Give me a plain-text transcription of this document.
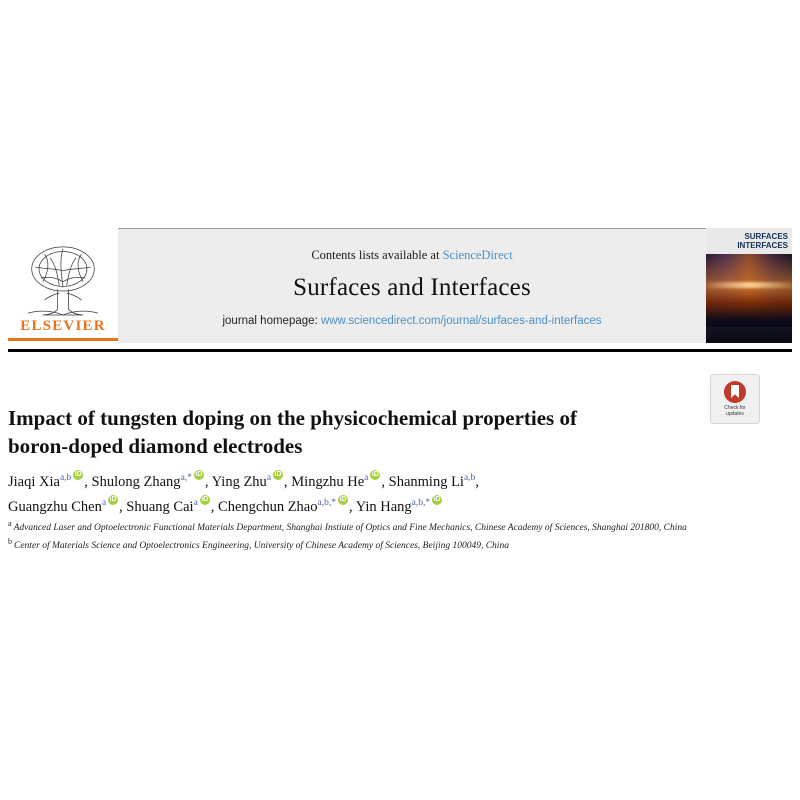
ELSEVIER
Contents lists available at ScienceDirect
Surfaces and Interfaces
journal homepage: www.sciencedirect.com/journal/surfaces-and-interfaces
SURFACES
INTERFACES
Impact of tungsten doping on the physicochemical properties of boron-doped diamond electrodes
Check for
updates
Jiaqi Xia$^{a,b}$ iD , Shulong Zhang$^{a,*}$ iD , Ying Zhu$^a$ iD , Mingzhu He$^a$ iD , Shanming Li$^{a,b}$,
Guangzhu Chen$^a$ iD , Shuang Cai$^a$ iD , Chengchun Zhao$^{a,b,*}$ iD , Yin Hang$^{a,b,*}$iD
$^a$ Advanced Laser and Optoelectronic Functional Materials Department, Shanghai Instiute of Optics and Fine Mechanics, Chinese Academy of Sciences, Shanghai 201800, China
$^b$ Center of Materials Science and Optoelectronics Engineering, University of Chinese Academy of Sciences, Beijing 100049, China
